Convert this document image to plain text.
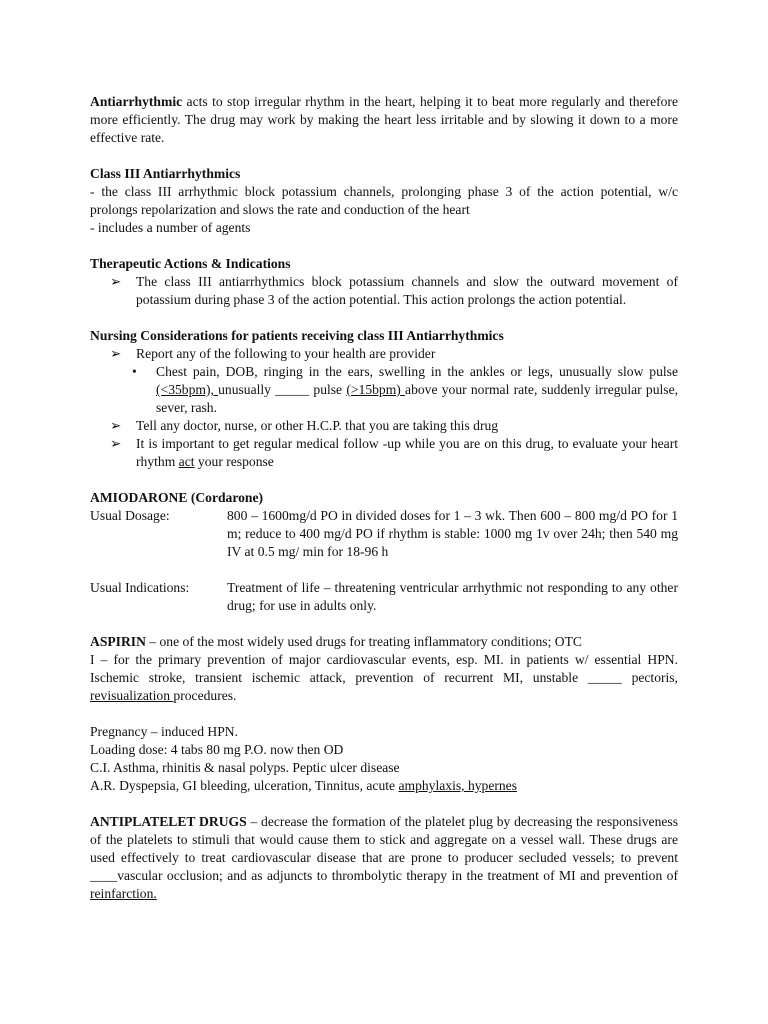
Antiarrhythmic acts to stop irregular rhythm in the heart, helping it to beat more regularly and therefore more efficiently. The drug may work by making the heart less irritable and by slowing it down to a more effective rate.

Class III Antiarrhythmics

- the class III arrhythmic block potassium channels, prolonging phase 3 of the action potential, w/c prolongs repolarization and slows the rate and conduction of the heart

- includes a number of agents

Therapeutic Actions & Indications

➢	The class III antiarrhythmics block potassium channels and slow the outward movement of potassium during phase 3 of the action potential. This action prolongs the action potential.

Nursing Considerations for patients receiving class III Antiarrhythmics

➢	Report any of the following to your health are provider
•	Chest pain, DOB, ringing in the ears, swelling in the ankles or legs, unusually slow pulse (<35bpm), unusually _____ pulse (>15bpm) above your normal rate, suddenly irregular pulse, sever, rash.
➢	Tell any doctor, nurse, or other H.C.P. that you are taking this drug
➢	It is important to get regular medical follow -up while you are on this drug, to evaluate your heart rhythm act your response

AMIODARONE (Cordarone)

Usual Dosage:	800 – 1600mg/d PO in divided doses for 1 – 3 wk. Then 600 – 800 mg/d PO for 1 m; reduce to 400 mg/d PO if rhythm is stable: 1000 mg 1v over 24h; then 540 mg IV at 0.5 mg/ min for 18-96 h
Usual Indications:	Treatment of life – threatening ventricular arrhythmic not responding to any other drug; for use in adults only.

ASPIRIN – one of the most widely used drugs for treating inflammatory conditions; OTC

I – for the primary prevention of major cardiovascular events, esp. MI. in patients w/ essential HPN. Ischemic stroke, transient ischemic attack, prevention of recurrent MI, unstable _____ pectoris, revisualization procedures.

Pregnancy – induced HPN.

Loading dose: 4 tabs 80 mg P.O. now then OD

C.I. Asthma, rhinitis & nasal polyps. Peptic ulcer disease

A.R. Dyspepsia, GI bleeding, ulceration, Tinnitus, acute amphylaxis, hypernes

ANTIPLATELET DRUGS – decrease the formation of the platelet plug by decreasing the responsiveness of the platelets to stimuli that would cause them to stick and aggregate on a vessel wall. These drugs are used effectively to treat cardiovascular disease that are prone to producer secluded vessels; to prevent ____vascular occlusion; and as adjuncts to thrombolytic therapy in the treatment of MI and prevention of reinfarction.
